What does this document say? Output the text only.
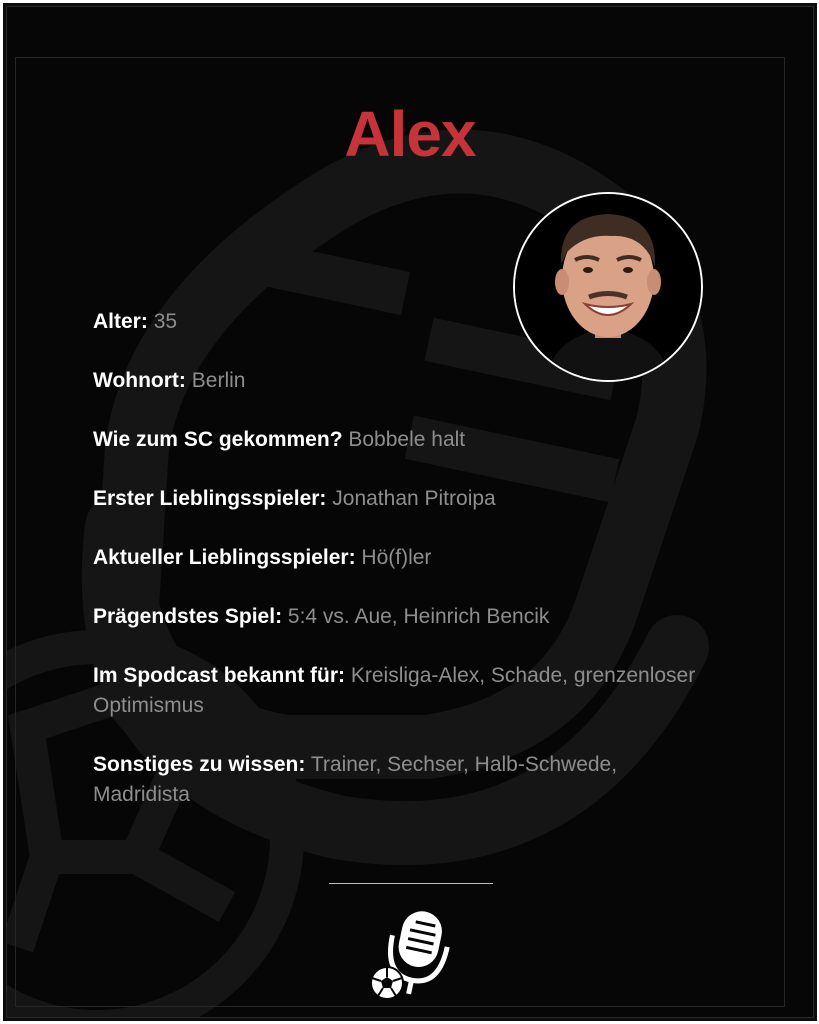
Alex
Alter: 35
Wohnort: Berlin
Wie zum SC gekommen? Bobbele halt
Erster Lieblingsspieler: Jonathan Pitroipa
Aktueller Lieblingsspieler: Hö(f)ler
Prägendstes Spiel: 5:4 vs. Aue, Heinrich Bencik
Im Spodcast bekannt für: Kreisliga-Alex, Schade, grenzenloser Optimismus
Sonstiges zu wissen: Trainer, Sechser, Halb-Schwede, Madridista
